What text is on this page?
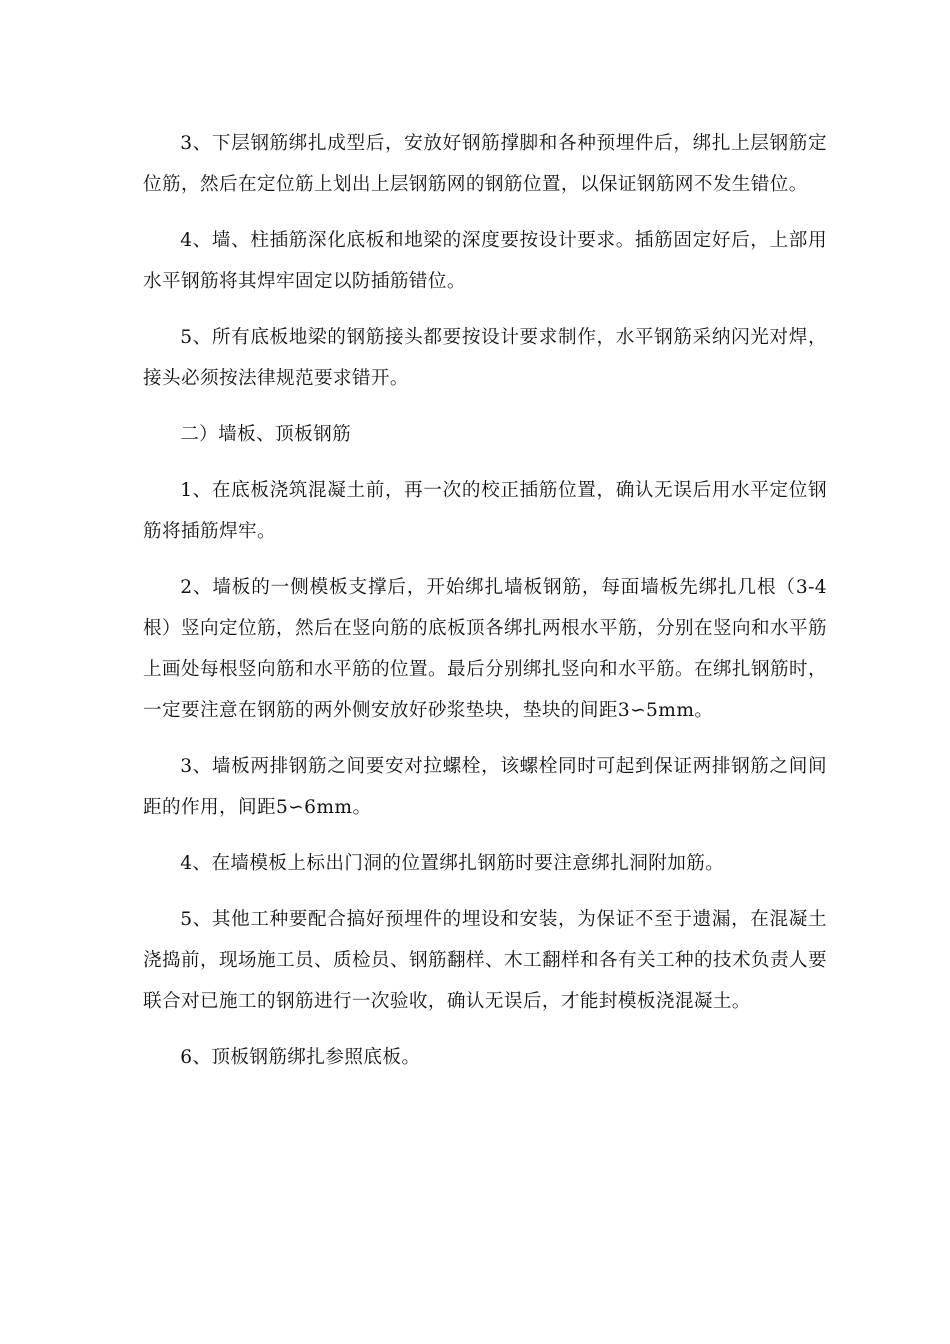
3、下层钢筋绑扎成型后，安放好钢筋撑脚和各种预埋件后，绑扎上层钢筋定位筋，然后在定位筋上划出上层钢筋网的钢筋位置，以保证钢筋网不发生错位。

4、墙、柱插筋深化底板和地梁的深度要按设计要求。插筋固定好后，上部用水平钢筋将其焊牢固定以防插筋错位。

5、所有底板地梁的钢筋接头都要按设计要求制作，水平钢筋采纳闪光对焊，接头必须按法律规范要求错开。

二）墙板、顶板钢筋

1、在底板浇筑混凝土前，再一次的校正插筋位置，确认无误后用水平定位钢筋将插筋焊牢。

2、墙板的一侧模板支撑后，开始绑扎墙板钢筋，每面墙板先绑扎几根（3-4根）竖向定位筋，然后在竖向筋的底板顶各绑扎两根水平筋，分别在竖向和水平筋上画处每根竖向筋和水平筋的位置。最后分别绑扎竖向和水平筋。在绑扎钢筋时，一定要注意在钢筋的两外侧安放好砂浆垫块，垫块的间距3∽5mm。

3、墙板两排钢筋之间要安对拉螺栓，该螺栓同时可起到保证两排钢筋之间间距的作用，间距5∽6mm。

4、在墙模板上标出门洞的位置绑扎钢筋时要注意绑扎洞附加筋。

5、其他工种要配合搞好预埋件的埋设和安装，为保证不至于遗漏，在混凝土浇捣前，现场施工员、质检员、钢筋翻样、木工翻样和各有关工种的技术负责人要联合对已施工的钢筋进行一次验收，确认无误后，才能封模板浇混凝土。

6、顶板钢筋绑扎参照底板。
